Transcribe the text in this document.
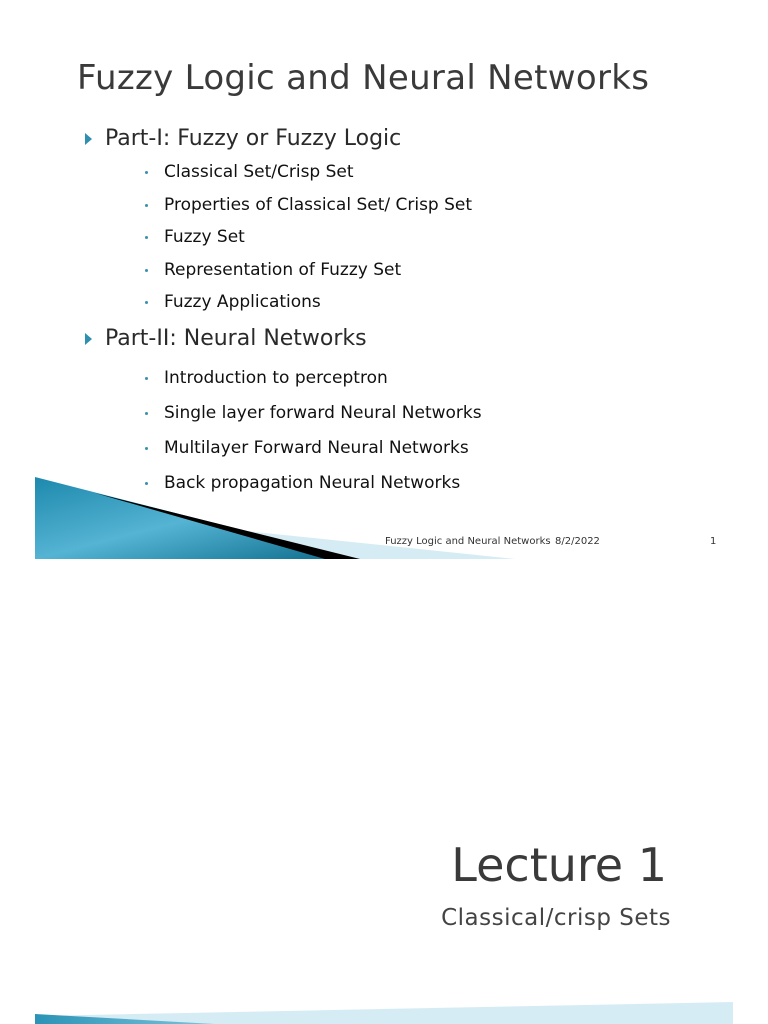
Fuzzy Logic and Neural Networks
Part-I: Fuzzy or Fuzzy Logic
Classical Set/Crisp Set
Properties of Classical Set/ Crisp Set
Fuzzy Set
Representation of Fuzzy Set
Fuzzy Applications
Part-II: Neural Networks
Introduction to perceptron
Single layer forward Neural Networks
Multilayer Forward Neural Networks
Back propagation Neural Networks
Fuzzy Logic and Neural Networks 8/2/2022	1
Lecture 1
Classical/crisp Sets
